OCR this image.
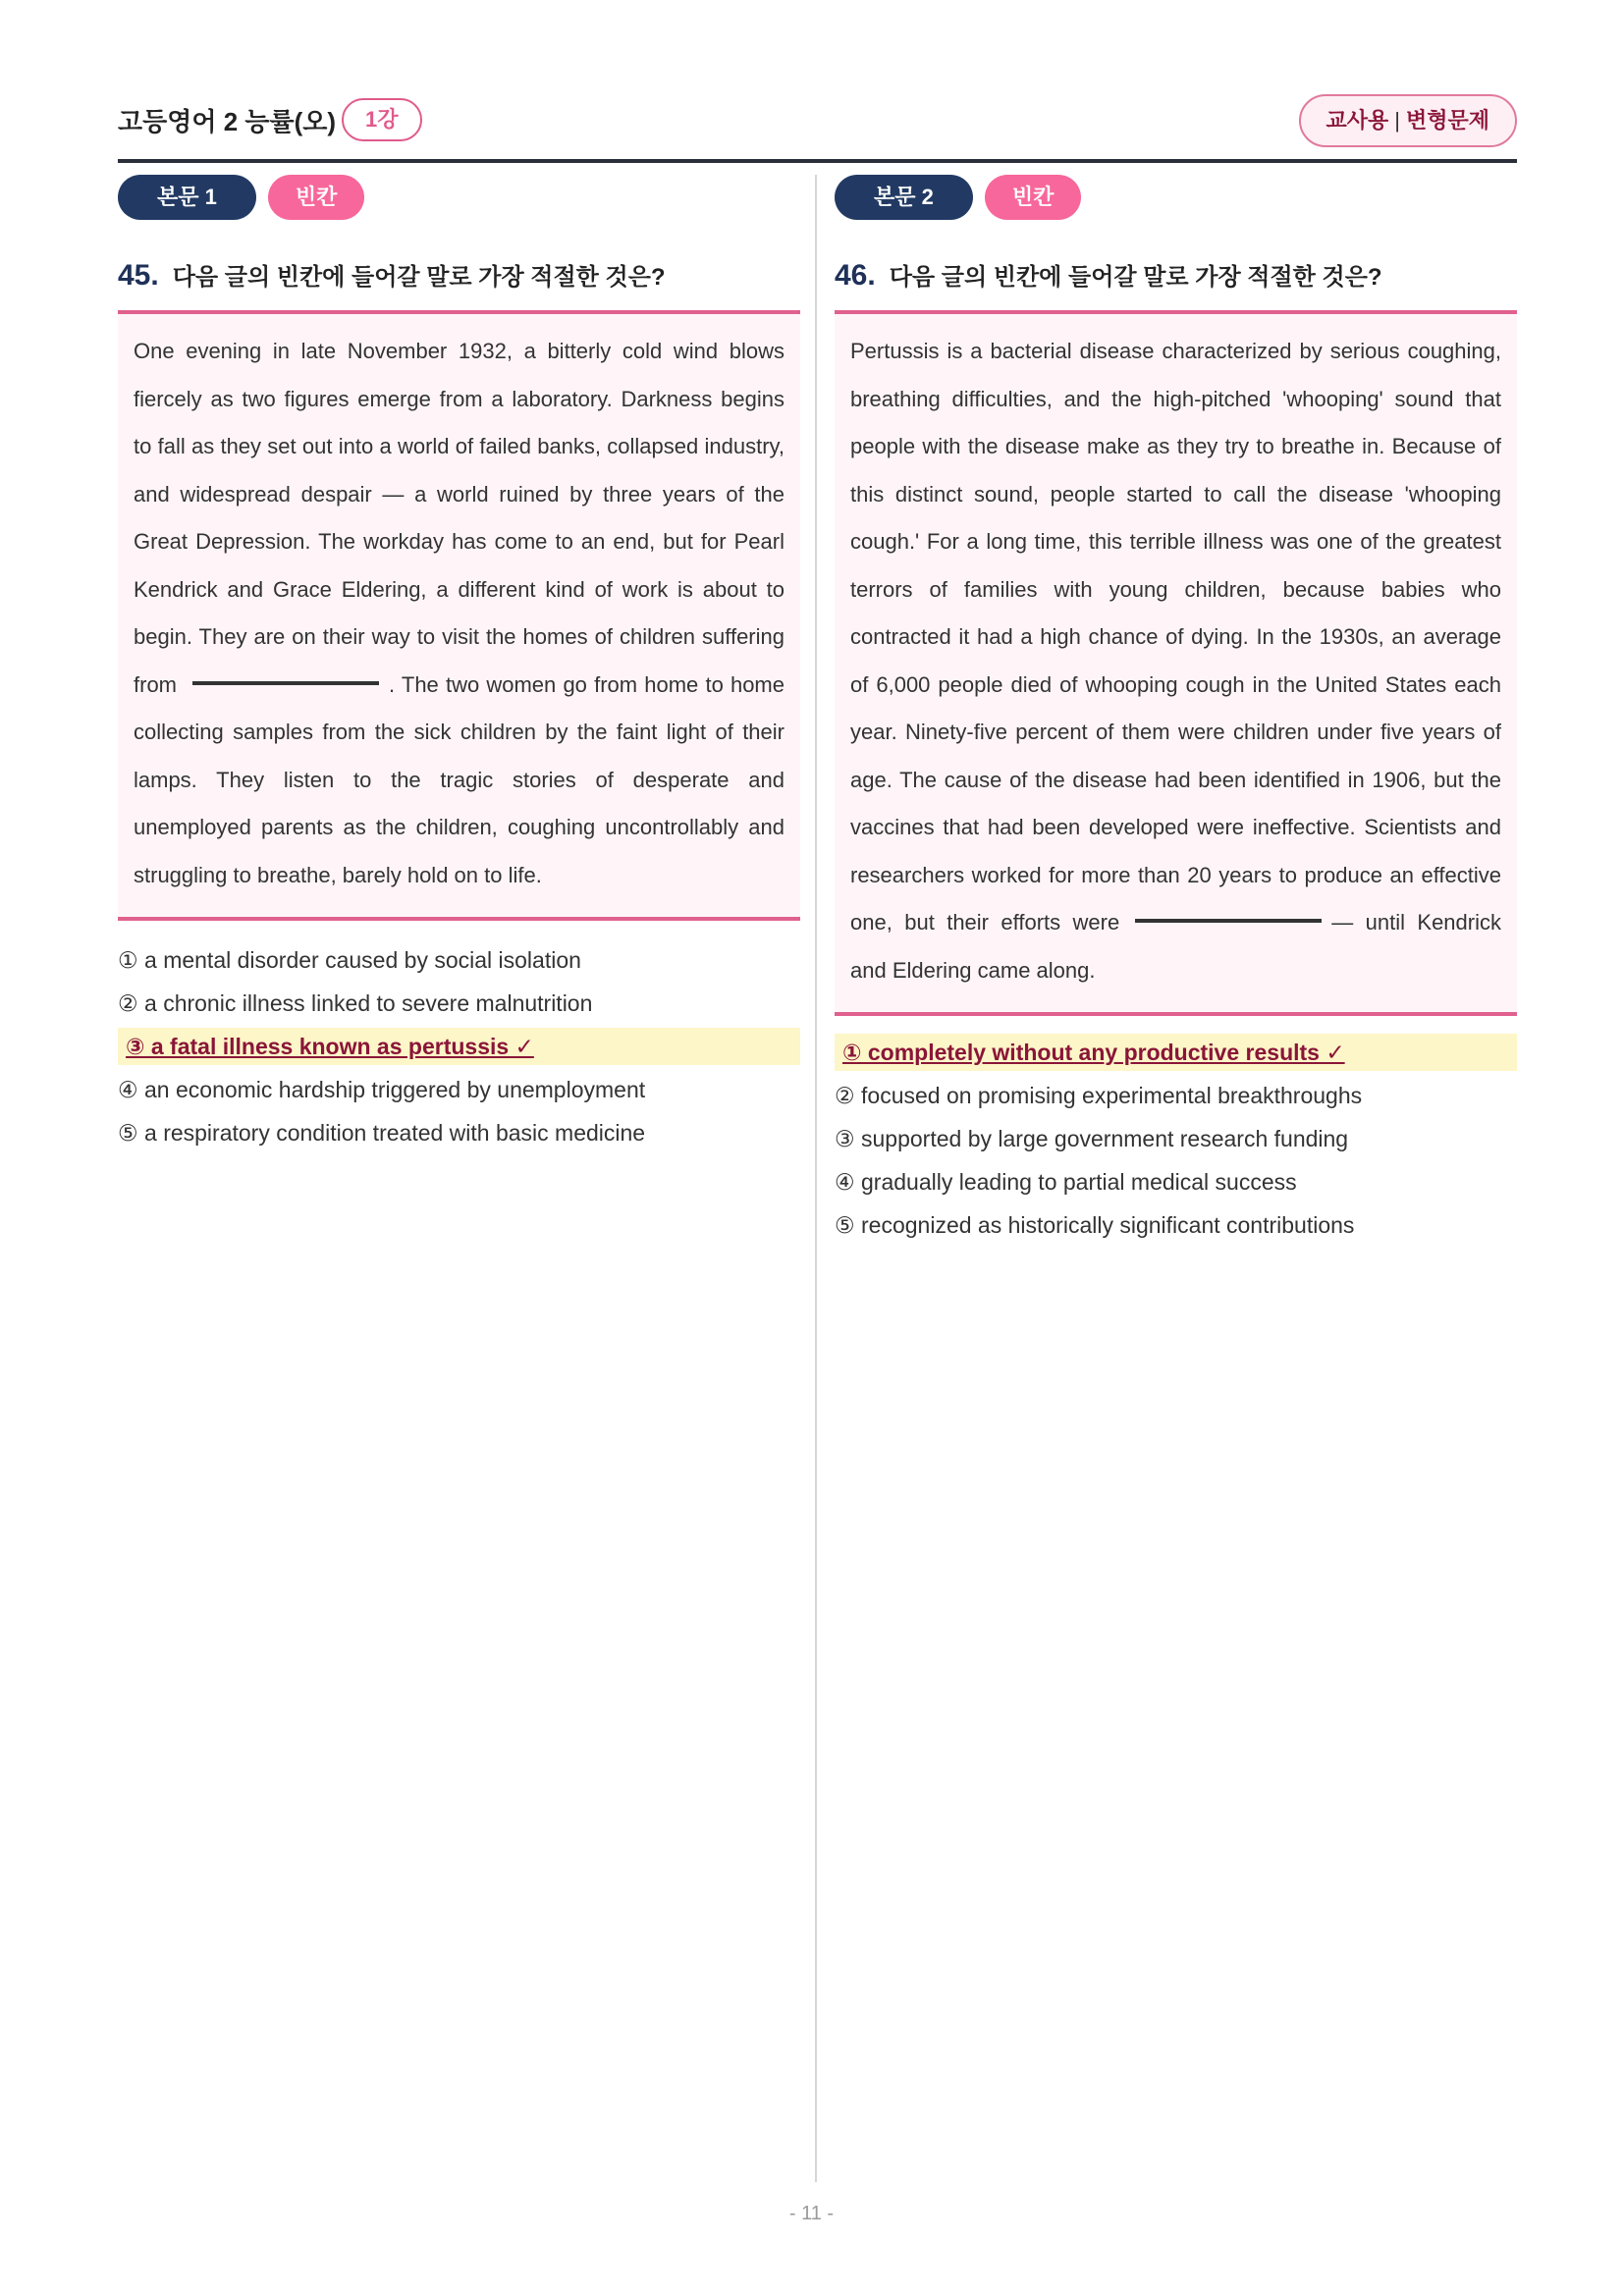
고등영어 2 능률(오)	1강	교사용 | 변형문제
본문 1	빈칸
45. 다음 글의 빈칸에 들어갈 말로 가장 적절한 것은?

One evening in late November 1932, a bitterly cold wind blows fiercely as two figures emerge from a laboratory. Darkness begins to fall as they set out into a world of failed banks, collapsed industry, and widespread despair — a world ruined by three years of the Great Depression. The workday has come to an end, but for Pearl Kendrick and Grace Eldering, a different kind of work is about to begin. They are on their way to visit the homes of children suffering from	. The two women go from home to home collecting samples from the sick children by the faint light of their lamps. They listen to the tragic stories of desperate and unemployed parents as the children, coughing uncontrollably and struggling to breathe, barely hold on to life.

① a mental disorder caused by social isolation
② a chronic illness linked to severe malnutrition
③ a fatal illness known as pertussis ✓
④ an economic hardship triggered by unemployment
⑤ a respiratory condition treated with basic medicine
본문 2	빈칸
46. 다음 글의 빈칸에 들어갈 말로 가장 적절한 것은?

Pertussis is a bacterial disease characterized by serious coughing, breathing difficulties, and the high-pitched 'whooping' sound that people with the disease make as they try to breathe in. Because of this distinct sound, people started to call the disease 'whooping cough.' For a long time, this terrible illness was one of the greatest terrors of families with young children, because babies who contracted it had a high chance of dying. In the 1930s, an average of 6,000 people died of whooping cough in the United States each year. Ninety-five percent of them were children under five years of age. The cause of the disease had been identified in 1906, but the vaccines that had been developed were ineffective. Scientists and researchers worked for more than 20 years to produce an effective one, but their efforts were	— until Kendrick and Eldering came along.

① completely without any productive results ✓
② focused on promising experimental breakthroughs
③ supported by large government research funding
④ gradually leading to partial medical success
⑤ recognized as historically significant contributions
- 11 -
